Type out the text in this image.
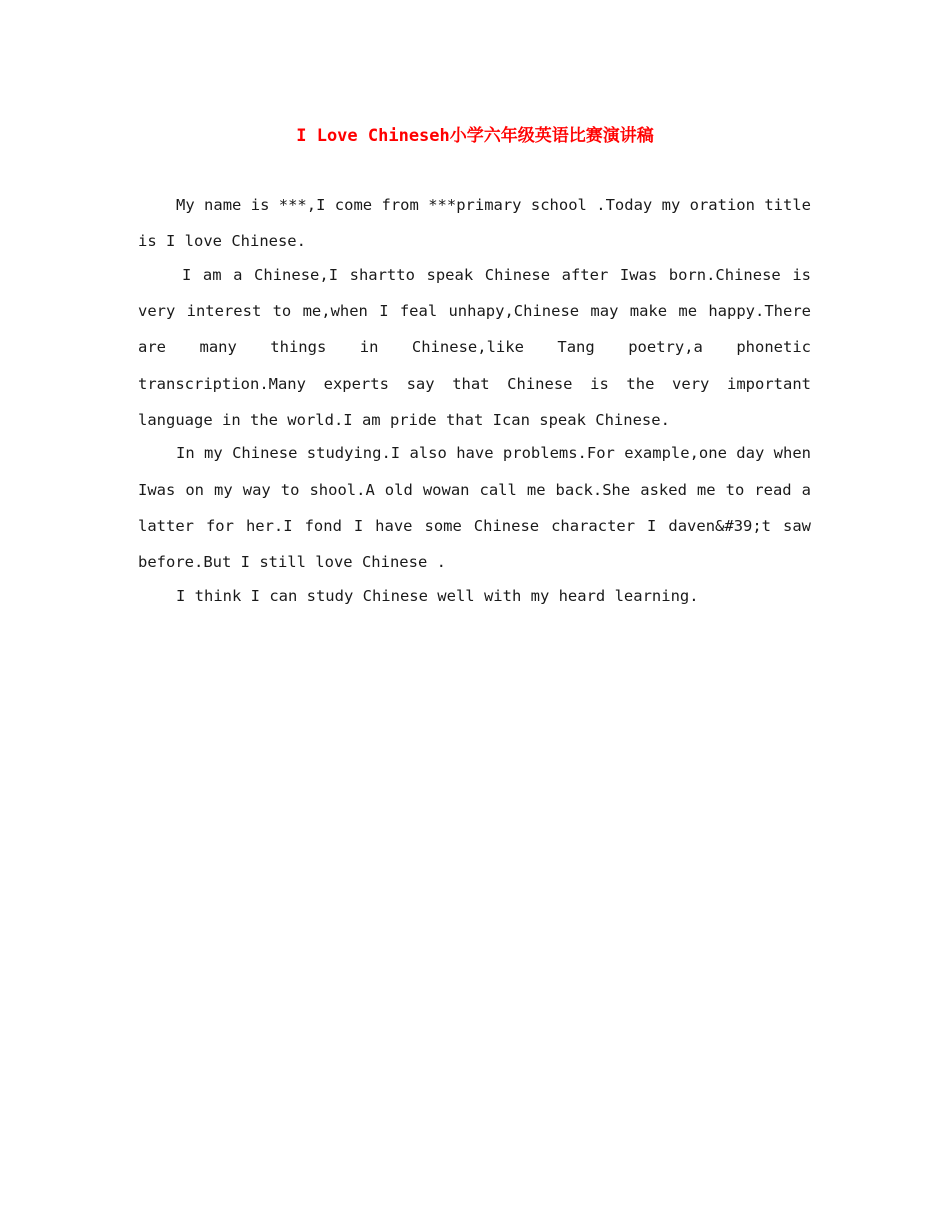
I Love Chineseh小学六年级英语比赛演讲稿

My name is ***,I come from ***primary school .Today my oration title is I love Chinese.

I am a Chinese,I shartto speak Chinese after Iwas born.Chinese is very interest to me,when I feal unhapy,Chinese may make me happy.There are many things in Chinese,like Tang poetry,a phonetic transcription.Many experts say that Chinese is the very important language in the world.I am pride that Ican speak Chinese.

In my Chinese studying.I also have problems.For example,one day when Iwas on my way to shool.A old wowan call me back.She asked me to read a latter for her.I fond I have some Chinese character I daven&#39;t saw before.But I still love Chinese .

I think I can study Chinese well with my heard learning.
